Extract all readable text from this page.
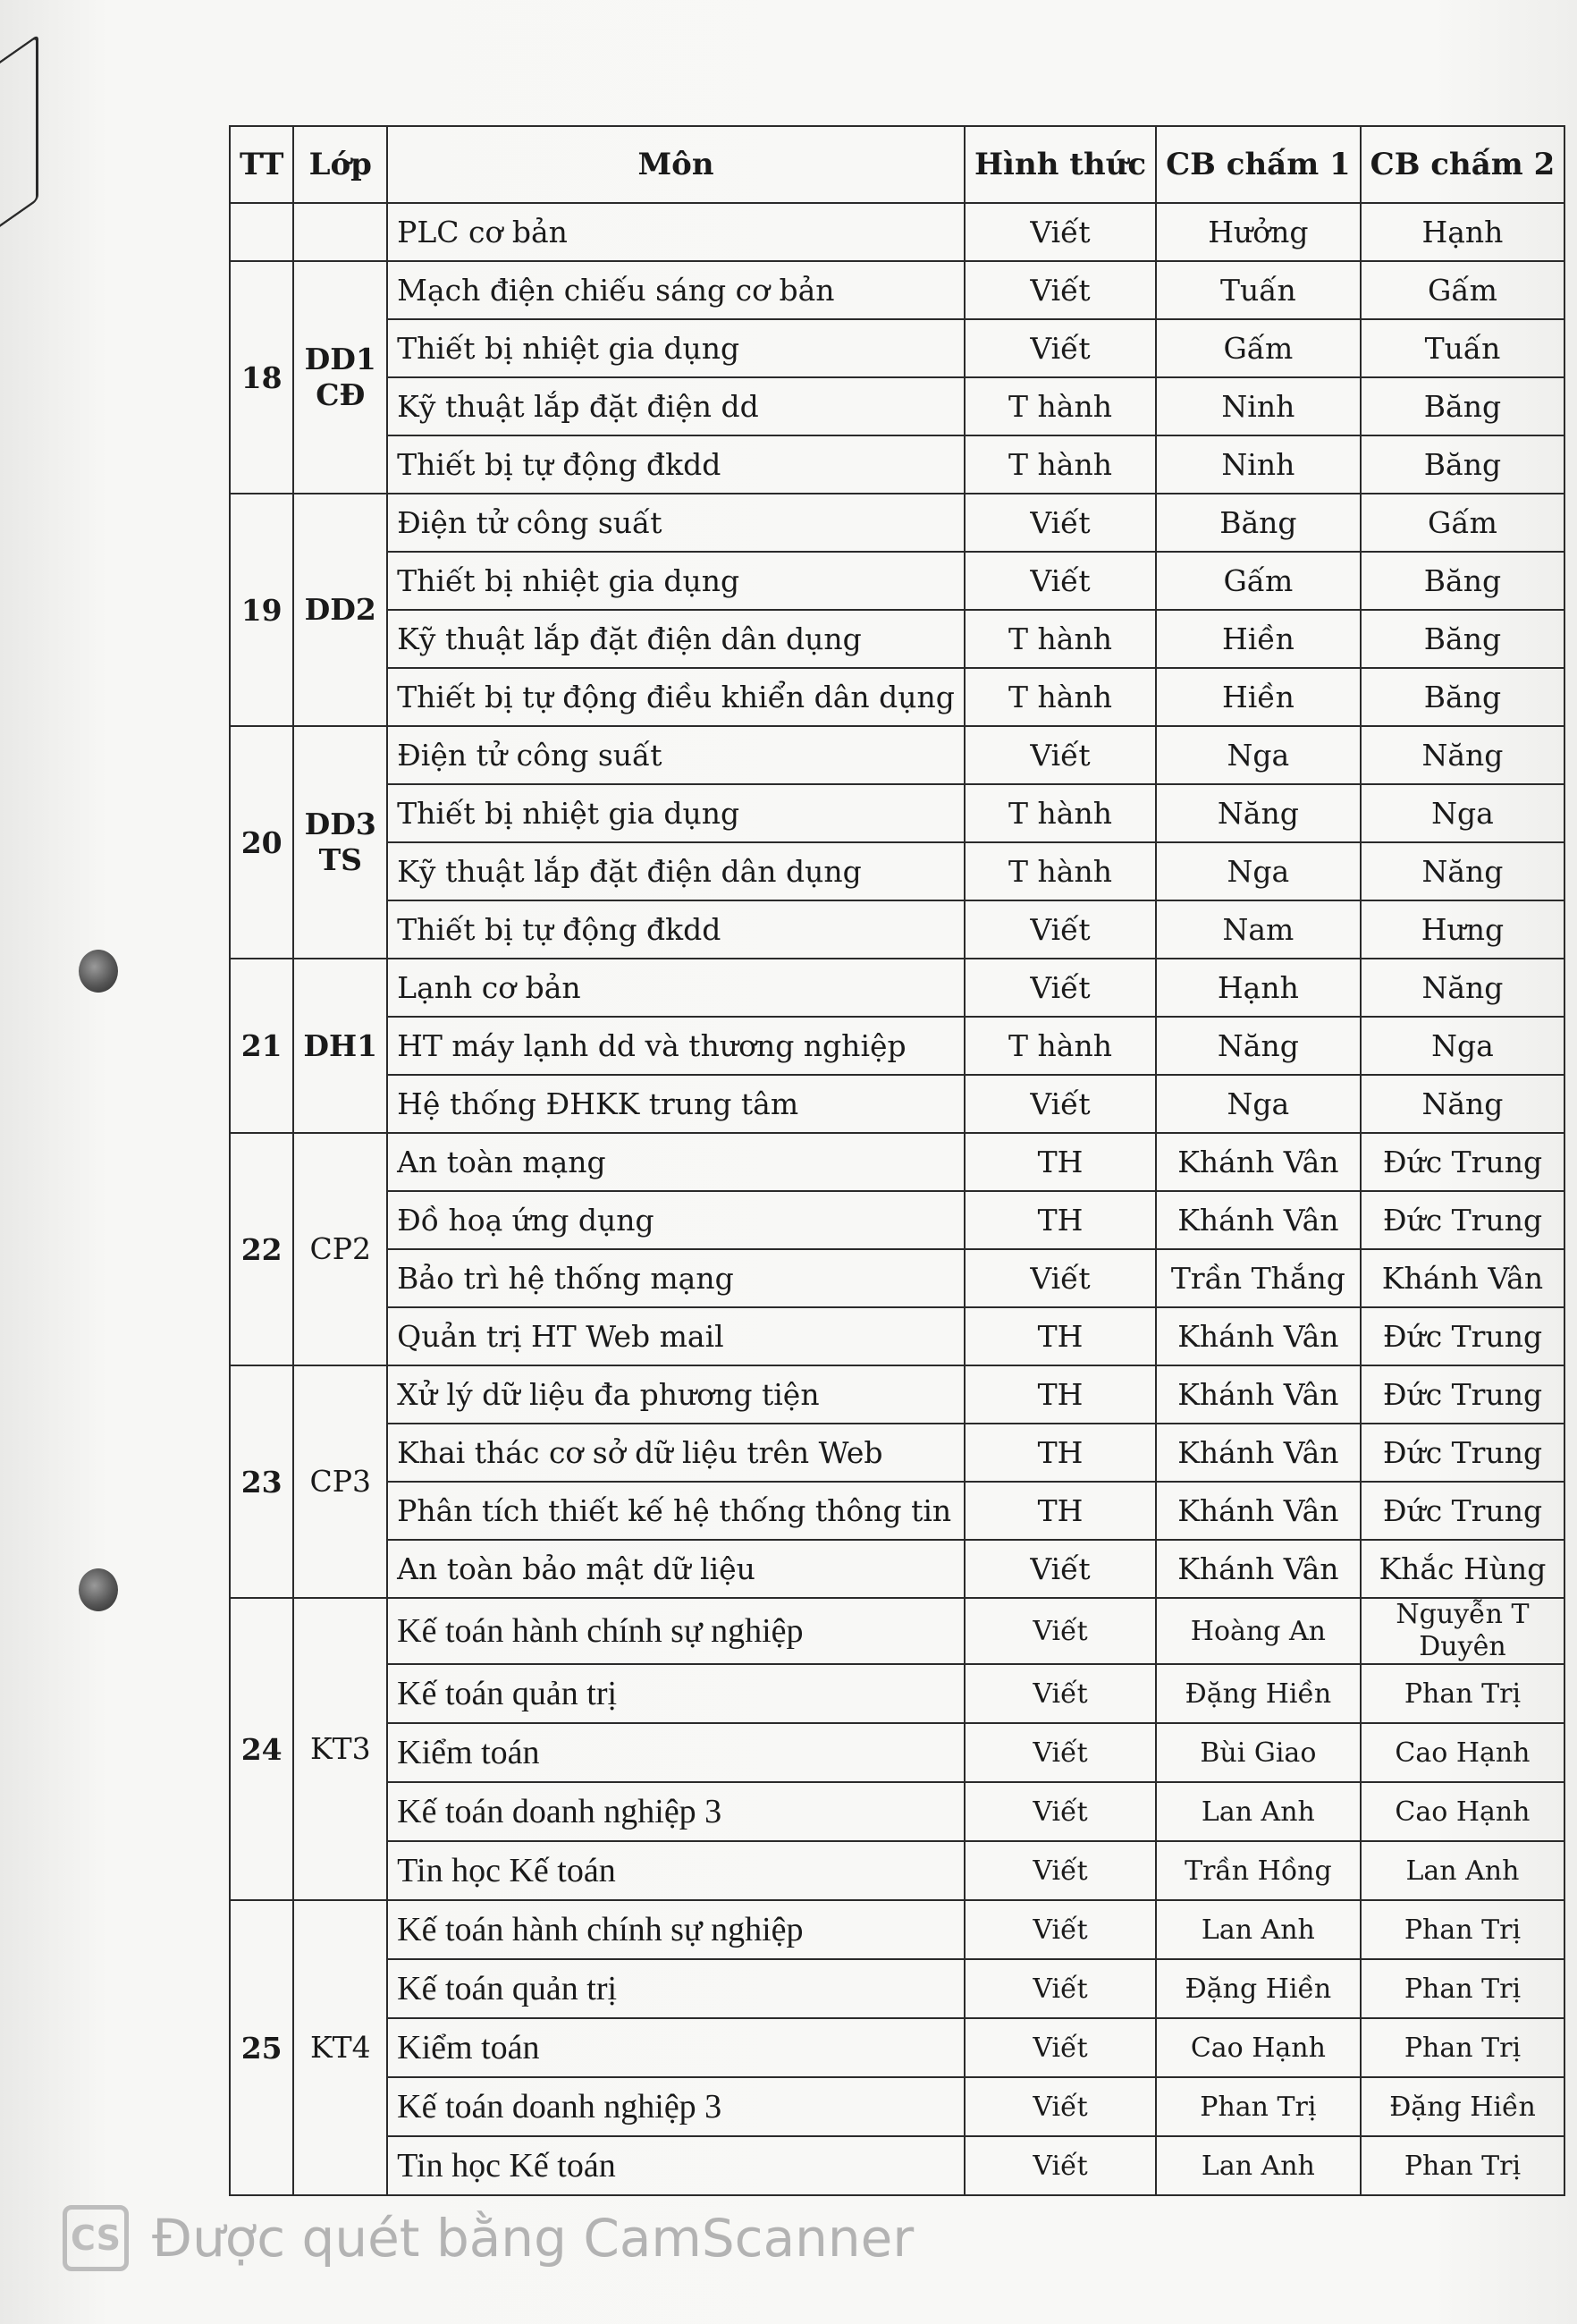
TT	Lớp	Môn	Hình thức	CB chấm 1	CB chấm 2
		PLC cơ bản	Viết	Hưởng	Hạnh
18	DD1 CĐ	Mạch điện chiếu sáng cơ bản	Viết	Tuấn	Gấm
		Thiết bị nhiệt gia dụng	Viết	Gấm	Tuấn
		Kỹ thuật lắp đặt điện dd	T hành	Ninh	Băng
		Thiết bị tự động đkdd	T hành	Ninh	Băng
19	DD2	Điện tử công suất	Viết	Băng	Gấm
		Thiết bị nhiệt gia dụng	Viết	Gấm	Băng
		Kỹ thuật lắp đặt điện dân dụng	T hành	Hiền	Băng
		Thiết bị tự động điều khiển dân dụng	T hành	Hiền	Băng
20	DD3 TS	Điện tử công suất	Viết	Nga	Năng
		Thiết bị nhiệt gia dụng	T hành	Năng	Nga
		Kỹ thuật lắp đặt điện dân dụng	T hành	Nga	Năng
		Thiết bị tự động đkdd	Viết	Nam	Hưng
21	DH1	Lạnh cơ bản	Viết	Hạnh	Năng
		HT máy lạnh dd và thương nghiệp	T hành	Năng	Nga
		Hệ thống ĐHKK trung tâm	Viết	Nga	Năng
22	CP2	An toàn mạng	TH	Khánh Vân	Đức Trung
		Đồ hoạ ứng dụng	TH	Khánh Vân	Đức Trung
		Bảo trì hệ thống mạng	Viết	Trần Thắng	Khánh Vân
		Quản trị HT Web mail	TH	Khánh Vân	Đức Trung
23	CP3	Xử lý dữ liệu đa phương tiện	TH	Khánh Vân	Đức Trung
		Khai thác cơ sở dữ liệu trên Web	TH	Khánh Vân	Đức Trung
		Phân tích thiết kế hệ thống thông tin	TH	Khánh Vân	Đức Trung
		An toàn bảo mật dữ liệu	Viết	Khánh Vân	Khắc Hùng
24	KT3	Kế toán hành chính sự nghiệp	Viết	Hoàng An	Nguyễn T Duyên
		Kế toán quản trị	Viết	Đặng Hiền	Phan Trị
		Kiểm toán	Viết	Bùi Giao	Cao Hạnh
		Kế toán doanh nghiệp 3	Viết	Lan Anh	Cao Hạnh
		Tin học Kế toán	Viết	Trần Hồng	Lan Anh
25	KT4	Kế toán hành chính sự nghiệp	Viết	Lan Anh	Phan Trị
		Kế toán quản trị	Viết	Đặng Hiền	Phan Trị
		Kiểm toán	Viết	Cao Hạnh	Phan Trị
		Kế toán doanh nghiệp 3	Viết	Phan Trị	Đặng Hiền
		Tin học Kế toán	Viết	Lan Anh	Phan Trị
CS Được quét bằng CamScanner
